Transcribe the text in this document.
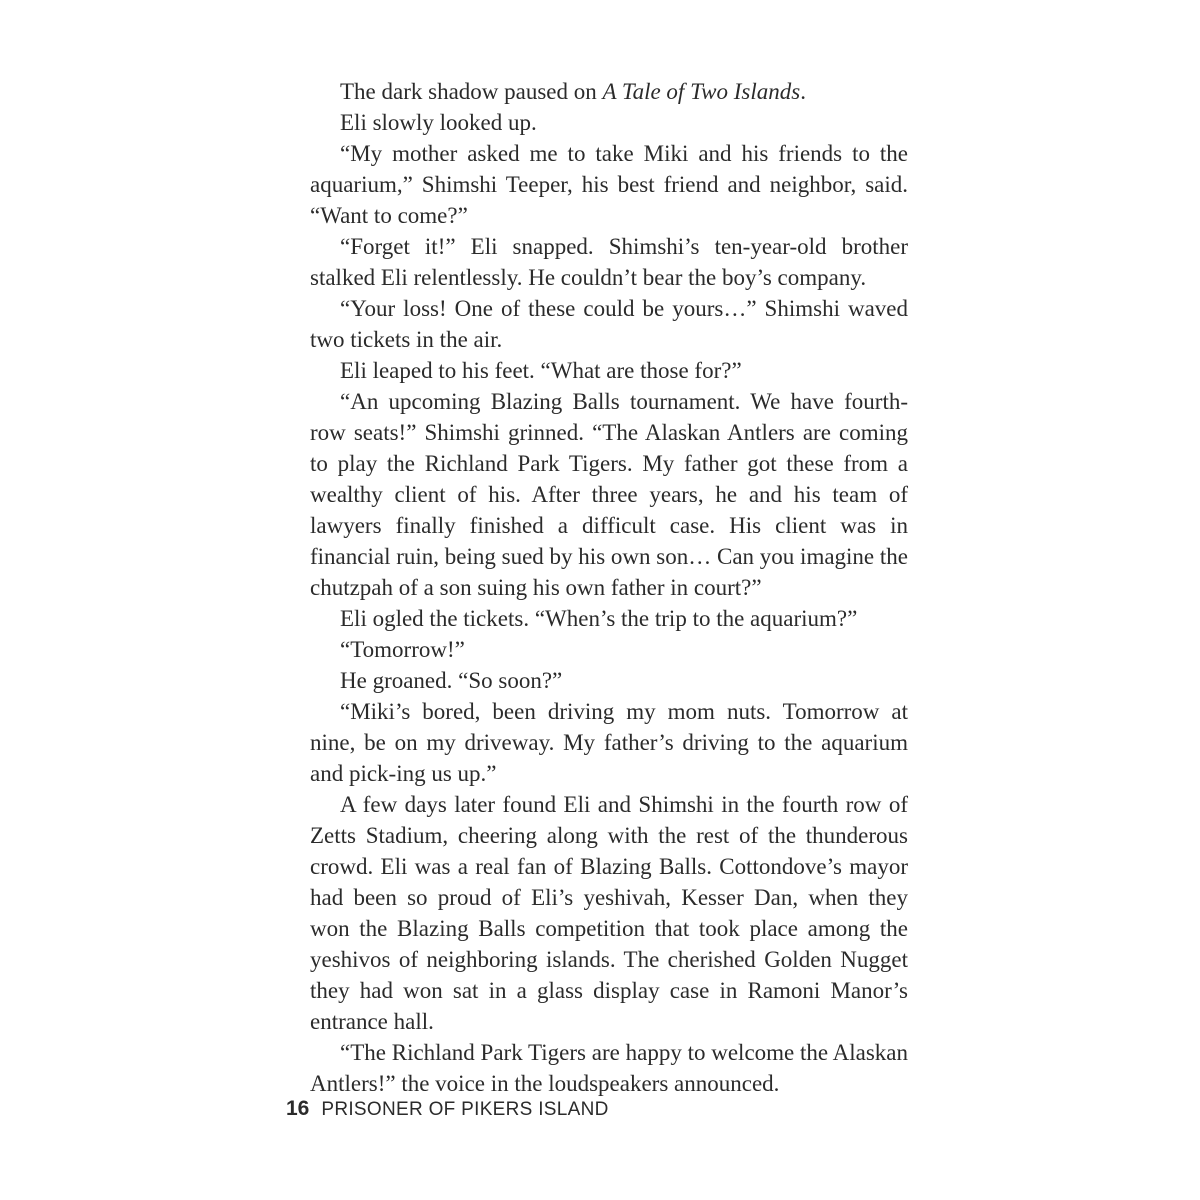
The dark shadow paused on A Tale of Two Islands.

Eli slowly looked up.

“My mother asked me to take Miki and his friends to the aquarium,” Shimshi Teeper, his best friend and neighbor, said. “Want to come?”

“Forget it!” Eli snapped. Shimshi’s ten-year-old brother stalked Eli relentlessly. He couldn’t bear the boy’s company.

“Your loss! One of these could be yours…” Shimshi waved two tickets in the air.

Eli leaped to his feet. “What are those for?”

“An upcoming Blazing Balls tournament. We have fourth-row seats!” Shimshi grinned. “The Alaskan Antlers are coming to play the Richland Park Tigers. My father got these from a wealthy client of his. After three years, he and his team of lawyers finally finished a difficult case. His client was in financial ruin, being sued by his own son… Can you imagine the chutzpah of a son suing his own father in court?”

Eli ogled the tickets. “When’s the trip to the aquarium?”

“Tomorrow!”

He groaned. “So soon?”

“Miki’s bored, been driving my mom nuts. Tomorrow at nine, be on my driveway. My father’s driving to the aquarium and pick-ing us up.”

A few days later found Eli and Shimshi in the fourth row of Zetts Stadium, cheering along with the rest of the thunderous crowd. Eli was a real fan of Blazing Balls. Cottondove’s mayor had been so proud of Eli’s yeshivah, Kesser Dan, when they won the Blazing Balls competition that took place among the yeshivos of neighboring islands. The cherished Golden Nugget they had won sat in a glass display case in Ramoni Manor’s entrance hall.

“The Richland Park Tigers are happy to welcome the Alaskan Antlers!” the voice in the loudspeakers announced.

16 PRISONER OF PIKERS ISLAND
